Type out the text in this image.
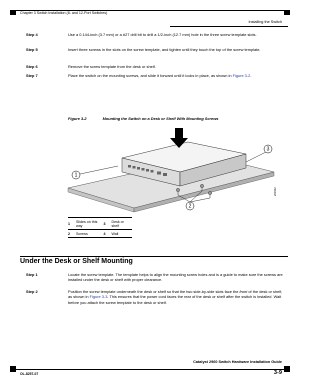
Chapter 3 Switch Installation (8- and 12-Port Switches)
Installing the Switch
Step 4	Use a 0.144-inch (3.7 mm) or a #27 drill bit to drill a 1/2-inch (12.7 mm) hole in the three screw template slots.
Step 5	Insert three screws in the slots on the screw template, and tighten until they touch the top of the screw template.
Step 6	Remove the screw template from the desk or shelf.
Step 7	Place the switch on the mounting screws, and slide it forward until it locks in place, as shown in Figure 3-2.
Figure 3-2	Mounting the Switch on a Desk or Shelf With Mounting Screws
1
2
3
201902
1	Slides on this way	3	Desk or shelf
2	Screws	4	Wall
Under the Desk or Shelf Mounting
Step 1	Locate the screw template. The template helps to align the mounting screw holes and is a guide to make sure the screws are installed under the desk or shelf with proper clearance.
Step 2	Position the screw template underneath the desk or shelf so that the two side-by-side slots face the front of the desk or shelf, as shown in Figure 3-3. This ensures that the power cord faces the rear of the desk or shelf after the switch is installed. Wait before you attach the screw template to the desk or shelf.
Catalyst 2960 Switch Hardware Installation Guide
OL-8257-07	3-9
